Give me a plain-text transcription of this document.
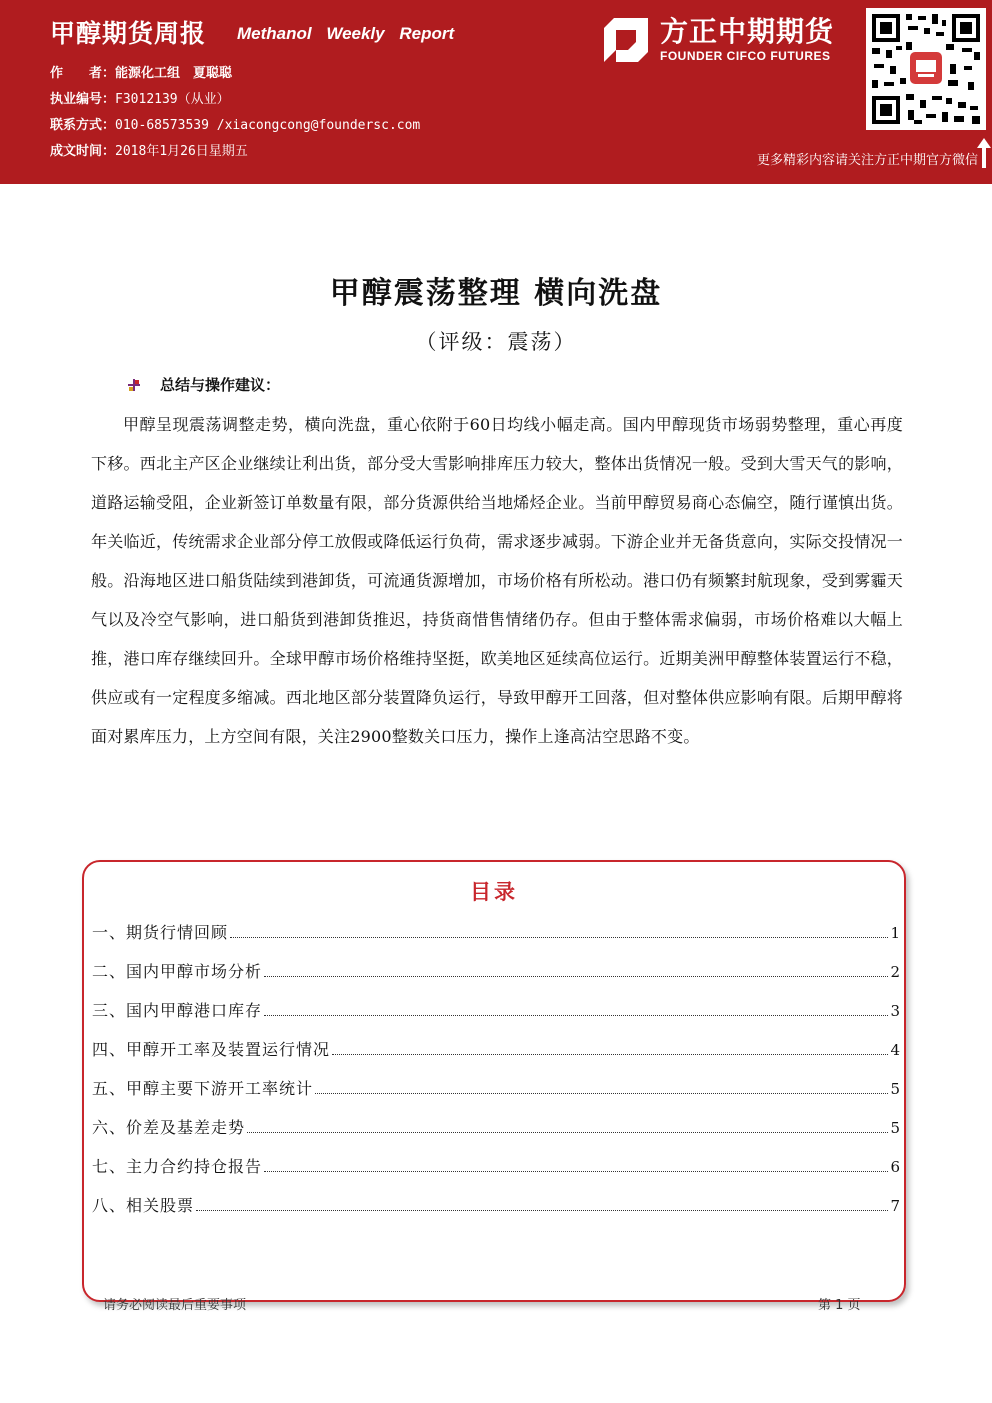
甲醇期货周报 Methanol Weekly Report
作　　者：能源化工组　夏聪聪
执业编号：F3012139（从业）
联系方式：010-68573539 /xiacongcong@foundersc.com
成文时间：2018年1月26日星期五
方正中期期货
FOUNDER CIFCO FUTURES
更多精彩内容请关注方正中期官方微信
甲醇震荡整理 横向洗盘
（评级：震荡）
总结与操作建议：
甲醇呈现震荡调整走势，横向洗盘，重心依附于60日均线小幅走高。国内甲醇现货市场弱势整理，重心再度下移。西北主产区企业继续让利出货，部分受大雪影响排库压力较大，整体出货情况一般。受到大雪天气的影响，道路运输受阻，企业新签订单数量有限，部分货源供给当地烯烃企业。当前甲醇贸易商心态偏空，随行谨慎出货。年关临近，传统需求企业部分停工放假或降低运行负荷，需求逐步减弱。下游企业并无备货意向，实际交投情况一般。沿海地区进口船货陆续到港卸货，可流通货源增加，市场价格有所松动。港口仍有频繁封航现象，受到雾霾天气以及冷空气影响，进口船货到港卸货推迟，持货商惜售情绪仍存。但由于整体需求偏弱，市场价格难以大幅上推，港口库存继续回升。全球甲醇市场价格维持坚挺，欧美地区延续高位运行。近期美洲甲醇整体装置运行不稳，供应或有一定程度多缩减。西北地区部分装置降负运行，导致甲醇开工回落，但对整体供应影响有限。后期甲醇将面对累库压力，上方空间有限，关注2900整数关口压力，操作上逢高沽空思路不变。
目录
一、期货行情回顾	1
二、国内甲醇市场分析	2
三、国内甲醇港口库存	3
四、甲醇开工率及装置运行情况	4
五、甲醇主要下游开工率统计	5
六、价差及基差走势	5
七、主力合约持仓报告	6
八、相关股票	7
请务必阅读最后重要事项	第 1 页
